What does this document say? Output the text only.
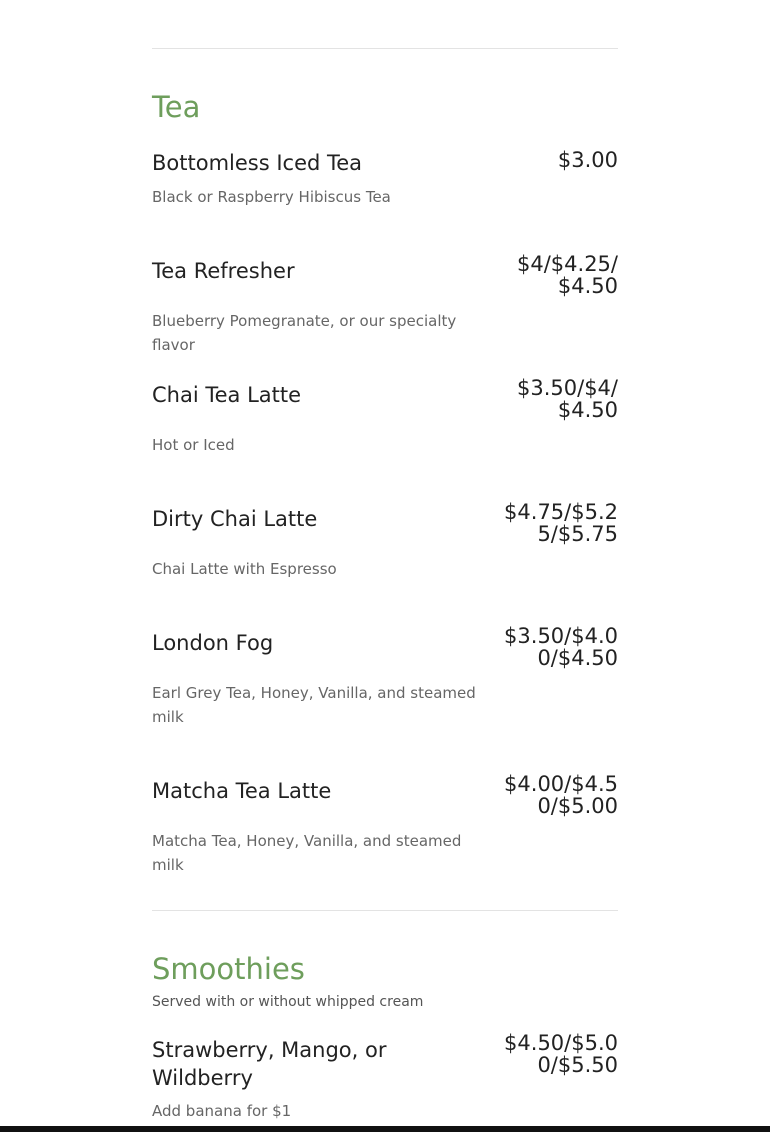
Tea
Bottomless Iced Tea	$3.00

Black or Raspberry Hibiscus Tea

Tea Refresher	$4/$4.25/$4.50

Blueberry Pomegranate, or our specialty flavor

Chai Tea Latte	$3.50/$4/$4.50

Hot or Iced

Dirty Chai Latte	$4.75/$5.25/$5.75

Chai Latte with Espresso

London Fog	$3.50/$4.00/$4.50

Earl Grey Tea, Honey, Vanilla, and steamed milk

Matcha Tea Latte	$4.00/$4.50/$5.00

Matcha Tea, Honey, Vanilla, and steamed milk

Smoothies

Served with or without whipped cream

Strawberry, Mango, or Wildberry
$4.50/$5.00/$5.50

Add banana for $1
